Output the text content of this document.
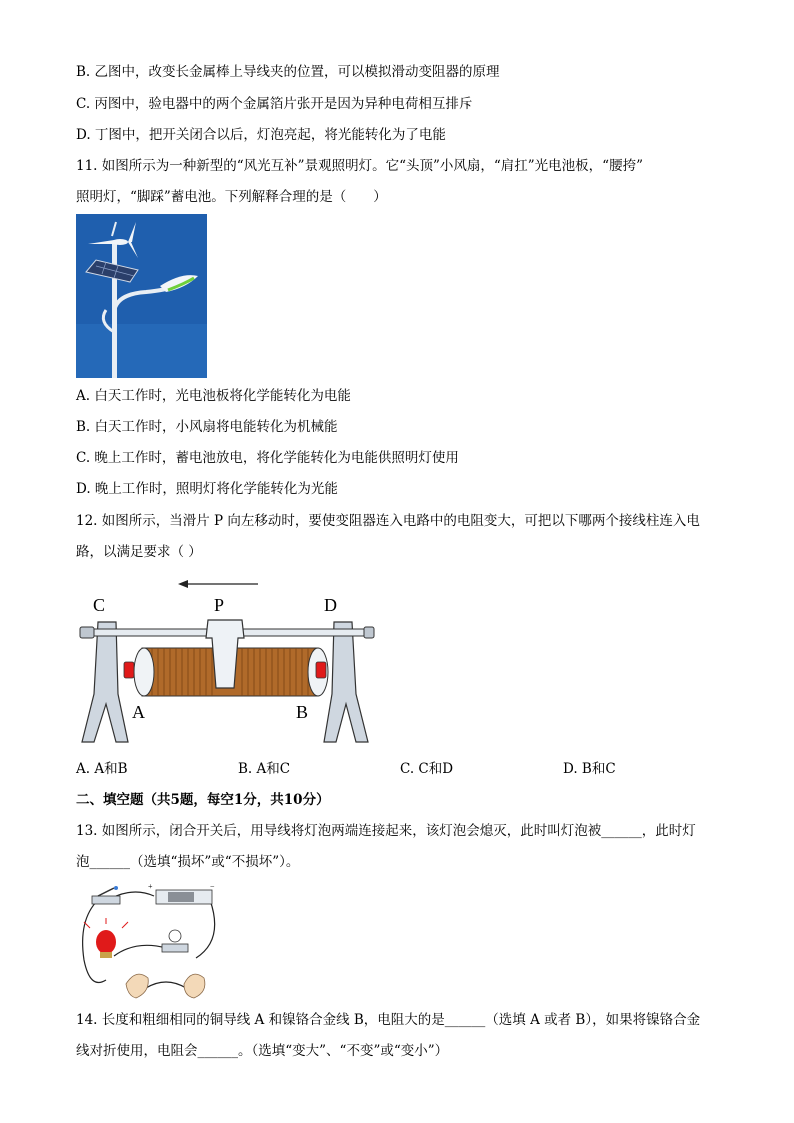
B. 乙图中，改变长金属棒上导线夹的位置，可以模拟滑动变阻器的原理
C. 丙图中，验电器中的两个金属箔片张开是因为异种电荷相互排斥
D. 丁图中，把开关闭合以后，灯泡亮起，将光能转化为了电能
11. 如图所示为一种新型的“风光互补”景观照明灯。它“头顶”小风扇，“肩扛”光电池板，“腰挎”
照明灯，“脚踩”蓄电池。下列解释合理的是（　　）
A. 白天工作时，光电池板将化学能转化为电能
B. 白天工作时，小风扇将电能转化为机械能
C. 晚上工作时，蓄电池放电，将化学能转化为电能供照明灯使用
D. 晚上工作时，照明灯将化学能转化为光能
12. 如图所示，当滑片 P 向左移动时，要使变阻器连入电路中的电阻变大，可把以下哪两个接线柱连入电
路，以满足要求（ ）
C	P	D
A	B
A. A和B	B. A和C	C. C和D	D. B和C
二、填空题（共5题，每空1分，共10分）
13. 如图所示，闭合开关后，用导线将灯泡两端连接起来，该灯泡会熄灭，此时叫灯泡被______，此时灯
泡______（选填“损坏”或“不损坏”）。
+	−
14. 长度和粗细相同的铜导线 A 和镍铬合金线 B，电阻大的是______（选填 A 或者 B），如果将镍铬合金
线对折使用，电阻会______。（选填“变大”、“不变”或“变小”）
